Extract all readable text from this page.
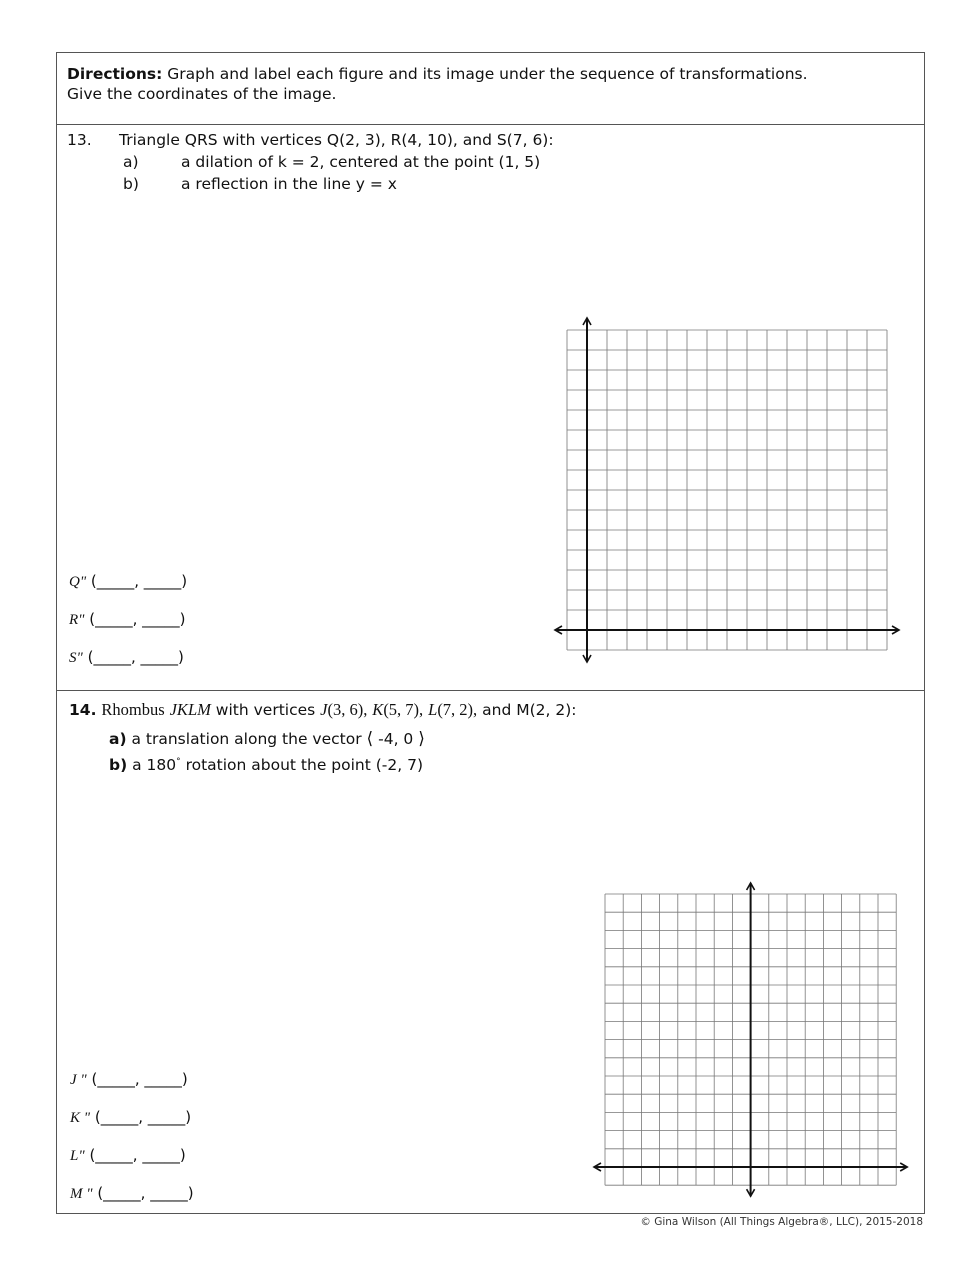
Directions: Graph and label each figure and its image under the sequence of transformations.
Give the coordinates of the image.
13. Triangle QRS with vertices Q(2, 3), R(4, 10), and S(7, 6):
a)	a dilation of k = 2, centered at the point (1, 5)
b)	a reflection in the line y = x
Q" (_____, _____)
R" (_____, _____)
S" (_____, _____)
14. Rhombus JKLM with vertices J(3, 6), K(5, 7), L(7, 2), and M(2, 2):
a) a translation along the vector ⟨ -4, 0 ⟩
b) a 180° rotation about the point (-2, 7)
J " (_____, _____)
K " (_____, _____)
L" (_____, _____)
M " (_____, _____)
© Gina Wilson (All Things Algebra®, LLC), 2015-2018
